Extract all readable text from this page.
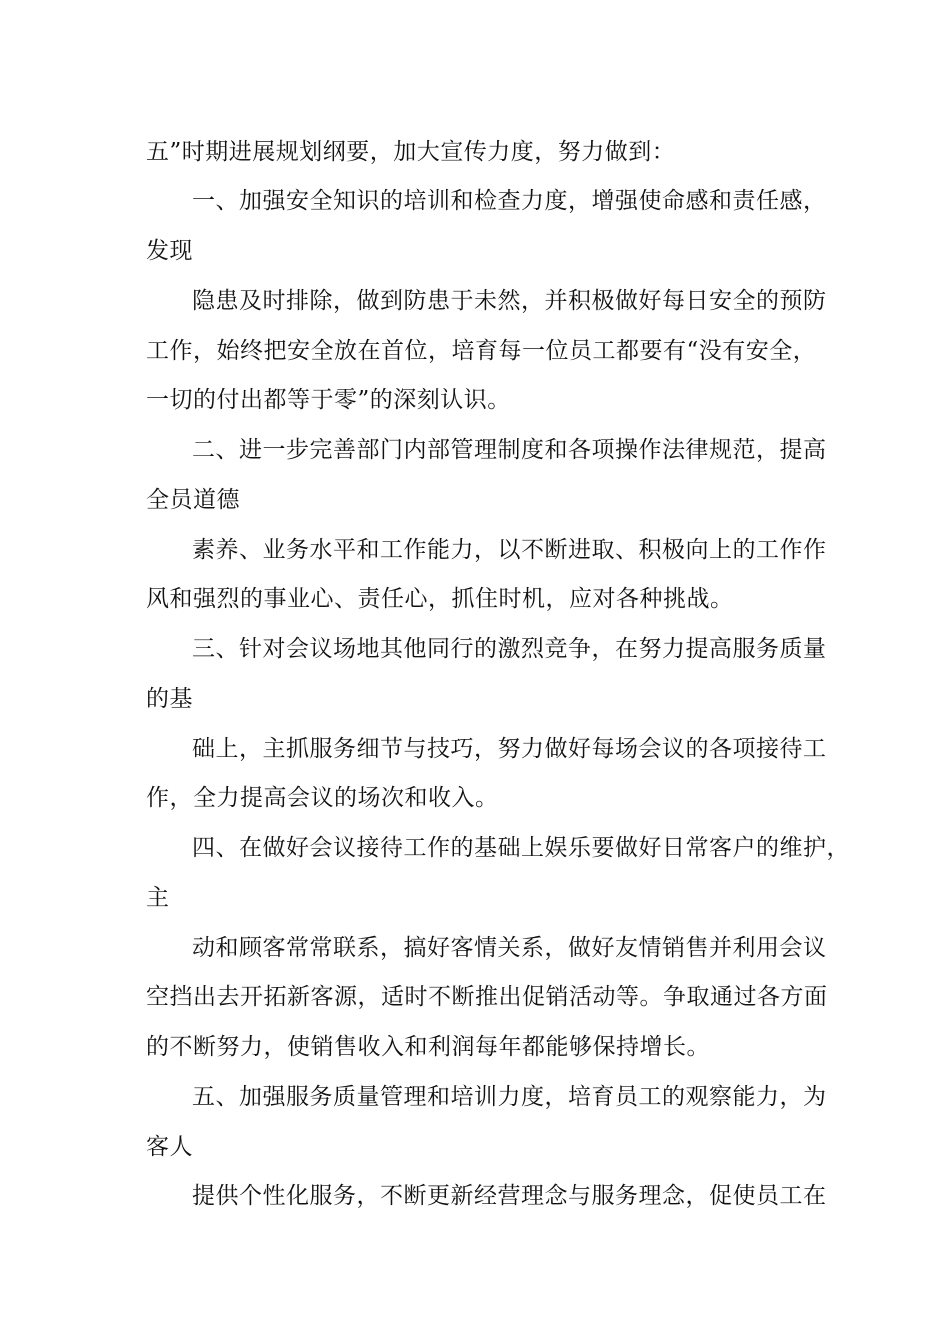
五”时期进展规划纲要，加大宣传力度，努力做到：
一、加强安全知识的培训和检查力度，增强使命感和责任感，
发现
隐患及时排除，做到防患于未然，并积极做好每日安全的预防
工作，始终把安全放在首位，培育每一位员工都要有“没有安全，
一切的付出都等于零”的深刻认识。
二、进一步完善部门内部管理制度和各项操作法律规范，提高
全员道德
素养、业务水平和工作能力，以不断进取、积极向上的工作作
风和强烈的事业心、责任心，抓住时机，应对各种挑战。
三、针对会议场地其他同行的激烈竞争，在努力提高服务质量
的基
础上，主抓服务细节与技巧，努力做好每场会议的各项接待工
作，全力提高会议的场次和收入。
四、在做好会议接待工作的基础上娱乐要做好日常客户的维护，
主
动和顾客常常联系，搞好客情关系，做好友情销售并利用会议
空挡出去开拓新客源，适时不断推出促销活动等。争取通过各方面
的不断努力，使销售收入和利润每年都能够保持增长。
五、加强服务质量管理和培训力度，培育员工的观察能力，为
客人
提供个性化服务，不断更新经营理念与服务理念，促使员工在
